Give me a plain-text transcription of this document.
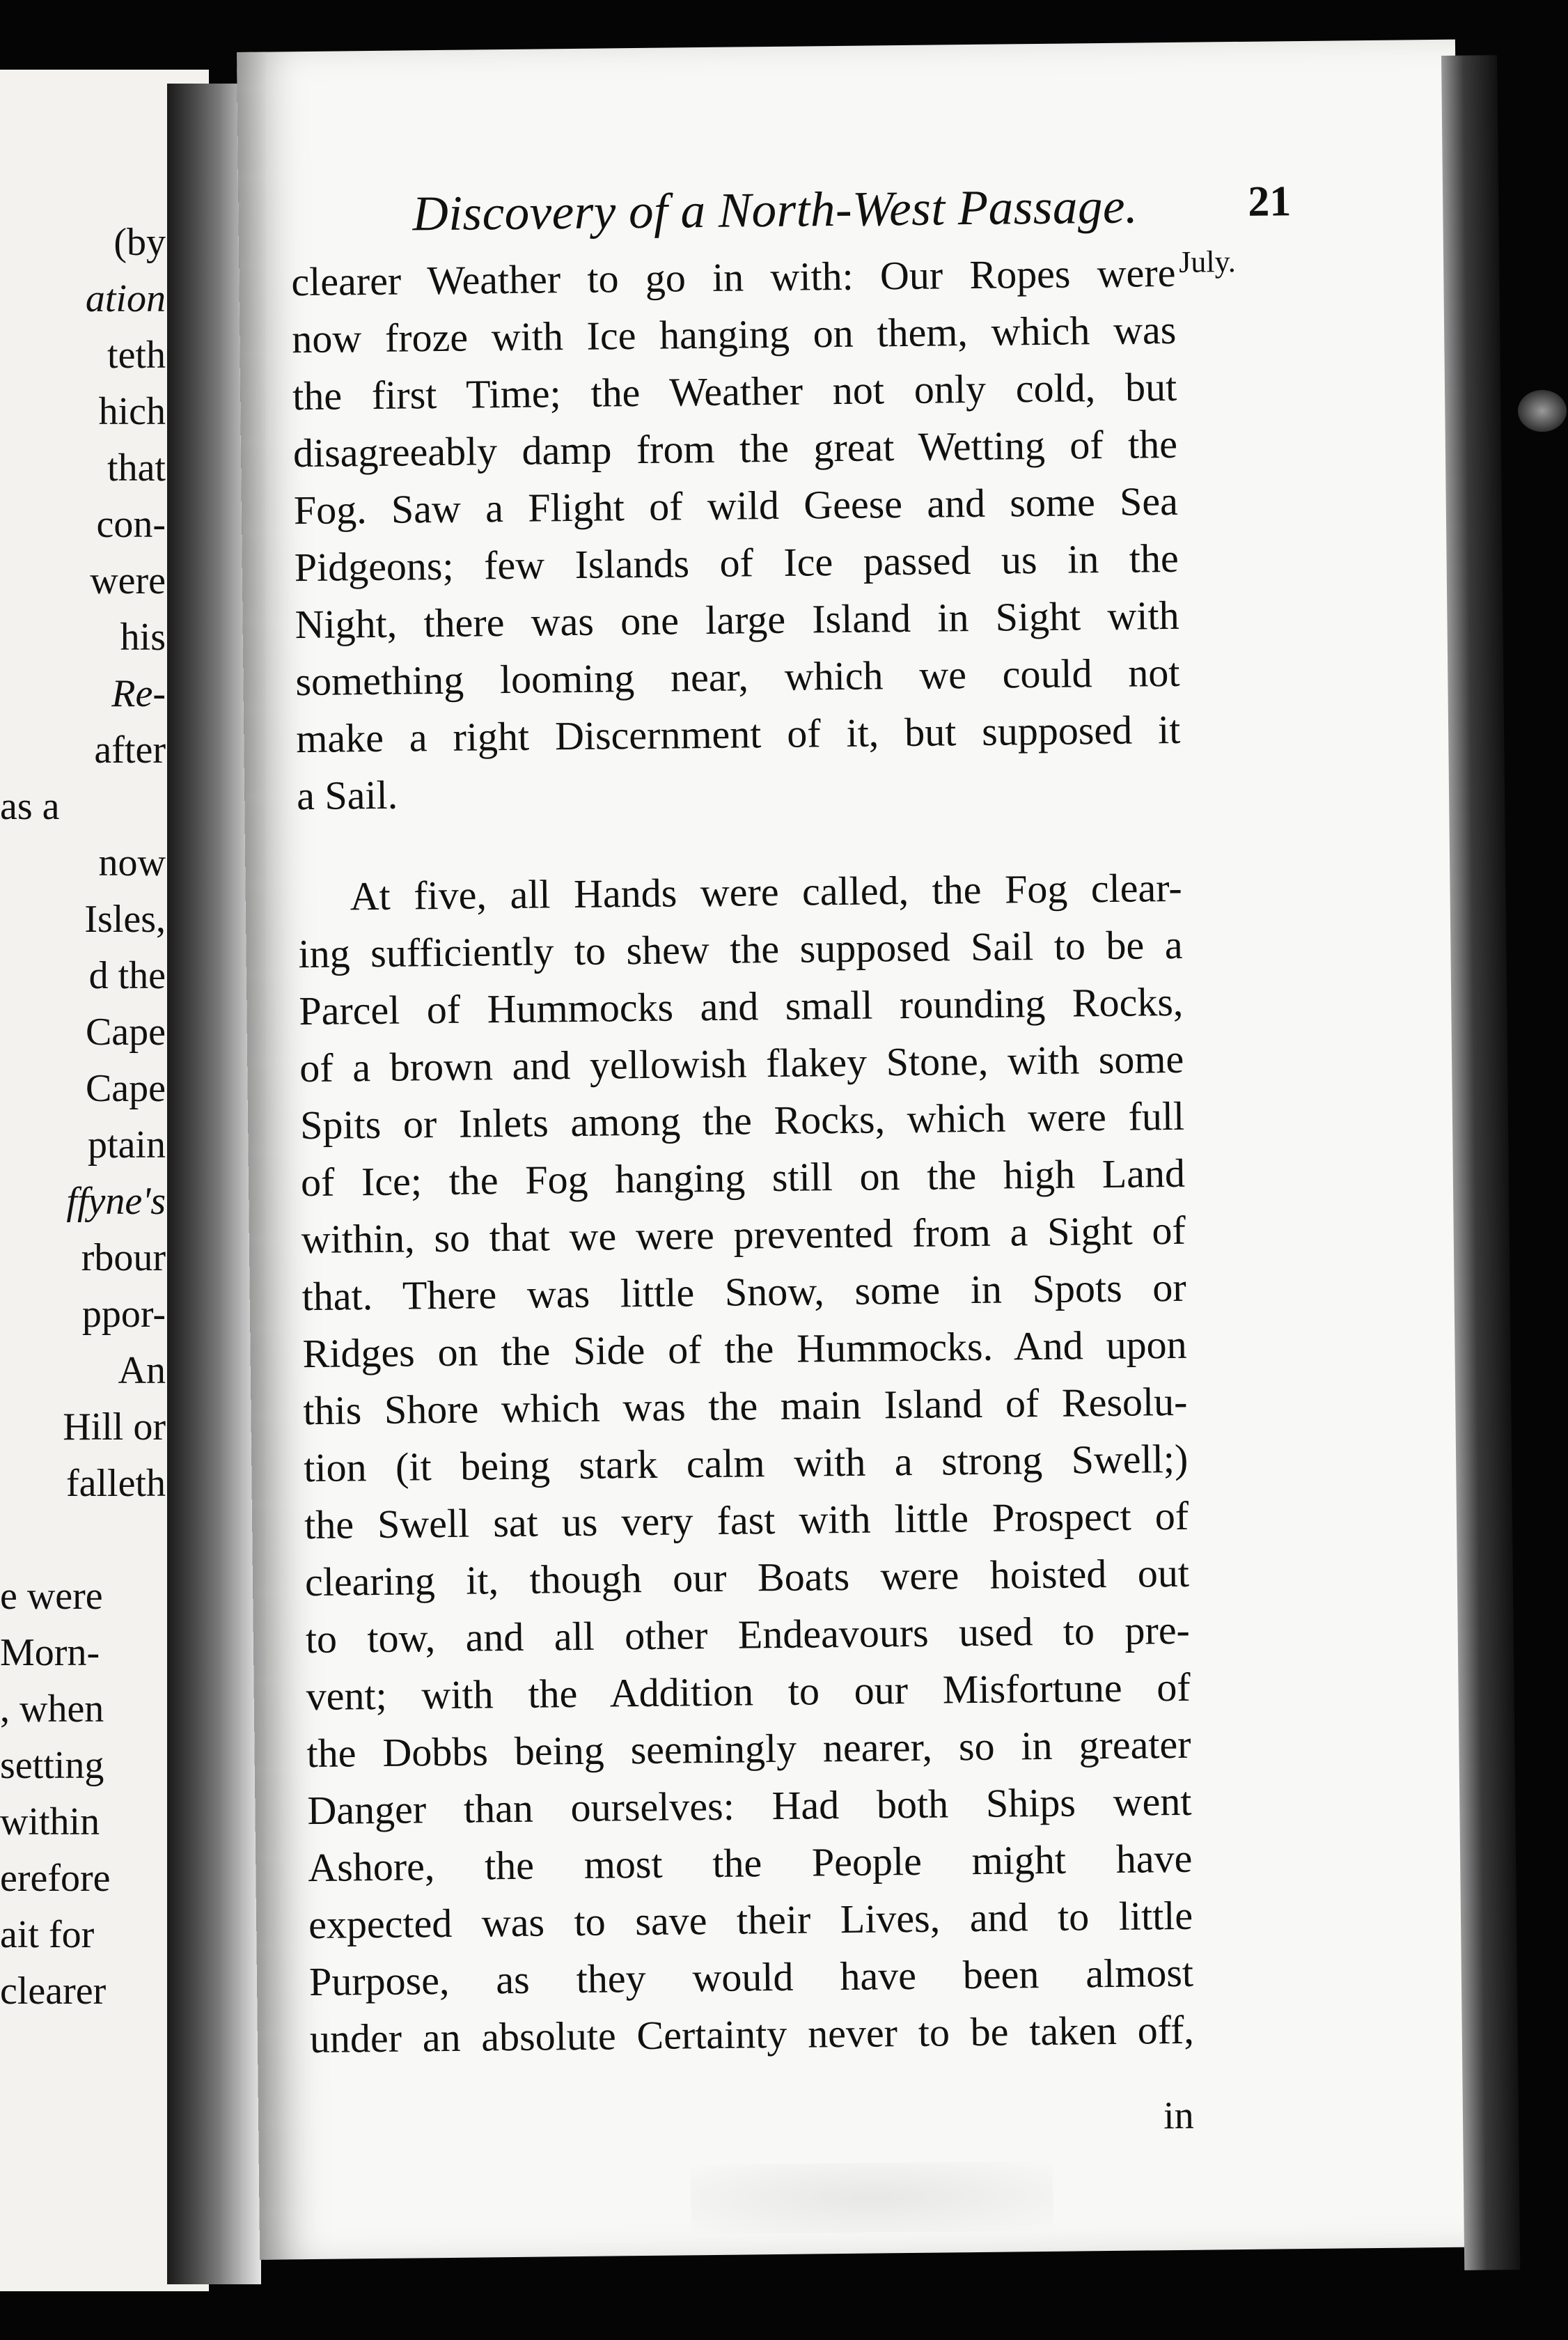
(by
ation
teth
hich
that
con-
were
his
Re-
after
as a
now
Isles,
d the
Cape
Cape
ptain
ffyne's
rbour
ppor-
An
Hill or
falleth
e were
Morn-
, when
setting
within
erefore
ait for
clearer
Discovery of a North-West Passage.	21
July.
clearer Weather to go in with: Our Ropes were
now froze with Ice hanging on them, which was
the first Time; the Weather not only cold, but
disagreeably damp from the great Wetting of the
Fog. Saw a Flight of wild Geese and some Sea
Pidgeons; few Islands of Ice passed us in the
Night, there was one large Island in Sight with
something looming near, which we could not
make a right Discernment of it, but supposed it
a Sail.
At five, all Hands were called, the Fog clear-
ing sufficiently to shew the supposed Sail to be a
Parcel of Hummocks and small rounding Rocks,
of a brown and yellowish flakey Stone, with some
Spits or Inlets among the Rocks, which were full
of Ice; the Fog hanging still on the high Land
within, so that we were prevented from a Sight of
that. There was little Snow, some in Spots or
Ridges on the Side of the Hummocks. And upon
this Shore which was the main Island of Resolu-
tion (it being stark calm with a strong Swell;)
the Swell sat us very fast with little Prospect of
clearing it, though our Boats were hoisted out
to tow, and all other Endeavours used to pre-
vent; with the Addition to our Misfortune of
the Dobbs being seemingly nearer, so in greater
Danger than ourselves: Had both Ships went
Ashore, the most the People might have
expected was to save their Lives, and to little
Purpose, as they would have been almost
under an absolute Certainty never to be taken off,
in
